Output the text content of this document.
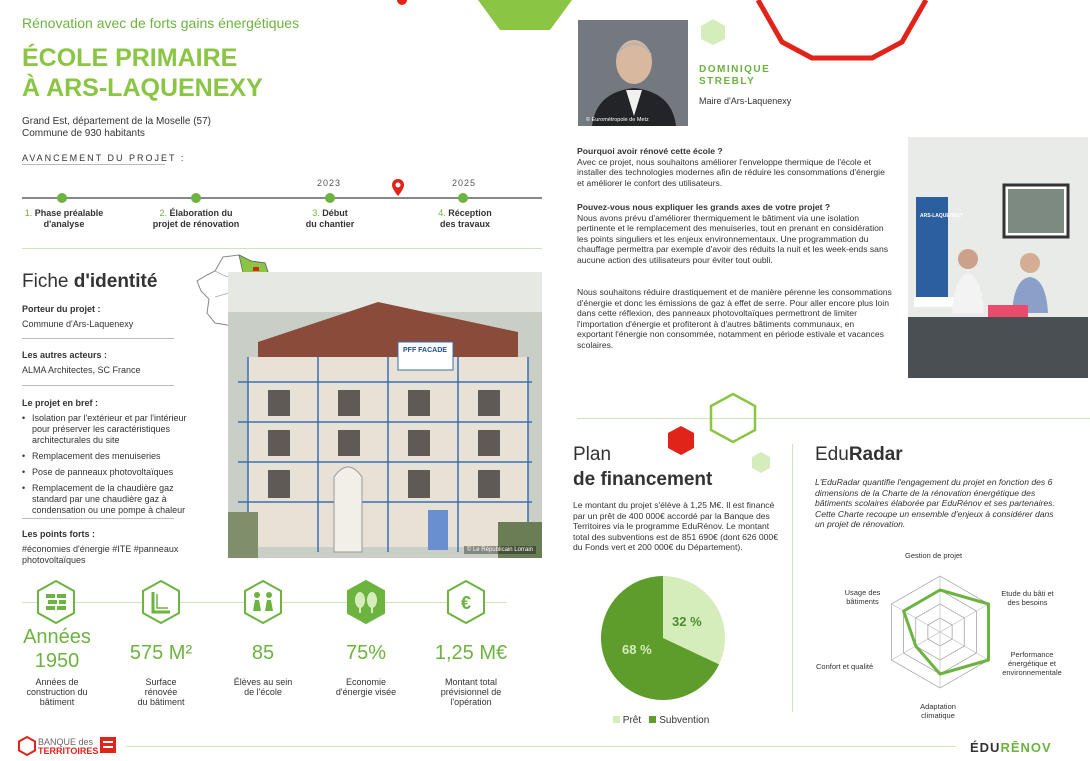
Rénovation avec de forts gains énergétiques
ÉCOLE PRIMAIRE
À ARS-LAQUENEXY
Grand Est, département de la Moselle (57)
Commune de 930 habitants
AVANCEMENT DU PROJET :
2023	2025
1. Phase préalable
d'analyse
2. Élaboration du
projet de rénovation
3. Début
du chantier
4. Réception
des travaux
Fiche d'identité
Porteur du projet :
Commune d'Ars-Laquenexy
Les autres acteurs :
ALMA Architectes, SC France
Le projet en bref :
• Isolation par l'extérieur et par l'intérieur pour préserver les caractéristiques architecturales du site
• Remplacement des menuiseries
• Pose de panneaux photovoltaïques
• Remplacement de la chaudière gaz standard par une chaudière gaz à condensation ou une pompe à chaleur
Les points forts :
#économies d'énergie #ITE #panneaux photovoltaïques
PFF FACADE
© Le Républicain Lorrain
€
Années
1950
Années de
construction du
bâtiment
575 M²
Surface
rénovée
du bâtiment
85
Élèves au sein
de l'école
75%
Economie
d'énergie visée
1,25 M€
Montant total
prévisionnel de
l'opération
BANQUE des
TERRITOIRES	ÉDURĒNOV
© Eurométropole de Metz
DOMINIQUE
STREBLY
Maire d'Ars-Laquenexy
Pourquoi avoir rénové cette école ?
Avec ce projet, nous souhaitons améliorer l'enveloppe thermique de l'école et installer des technologies modernes afin de réduire les consommations d'énergie et améliorer le confort des utilisateurs.
Pouvez-vous nous expliquer les grands axes de votre projet ?
Nous avons prévu d'améliorer thermiquement le bâtiment via une isolation pertinente et le remplacement des menuiseries, tout en prenant en considération les points singuliers et les enjeux environnementaux. Une programmation du chauffage permettra par exemple d'avoir des réduits la nuit et les week-ends sans aucune action des utilisateurs pour éviter tout oubli.
Nous souhaitons réduire drastiquement et de manière pérenne les consommations d'énergie et donc les émissions de gaz à effet de serre. Pour aller encore plus loin dans cette réflexion, des panneaux photovoltaïques permettront de limiter l'importation d'énergie et profiteront à d'autres bâtiments communaux, en exportant l'énergie non consommée, notamment en période estivale et vacances scolaires.
ARS-LAQUENEXY
Plan
de financement
Le montant du projet s'élève à 1,25 M€. Il est financé par un prêt de 400 000€ accordé par la Banque des Territoires via le programme EduRénov. Le montant total des subventions est de 851 690€ (dont 626 000€ du Fonds vert et 200 000€ du Département).
32 %
68 %
Prêt Subvention
EduRadar
L'EduRadar quantifie l'engagement du projet en fonction des 6 dimensions de la Charte de la rénovation énergétique des bâtiments scolaires élaborée par EduRénov et ses partenaires. Cette Charte recoupe un ensemble d'enjeux à considérer dans un projet de rénovation.
Gestion de projet
Etude du bâti et
des besoins
Performance
énergétique et
environnementale
Adaptation
climatique
Confort et qualité
Usage des
bâtiments
